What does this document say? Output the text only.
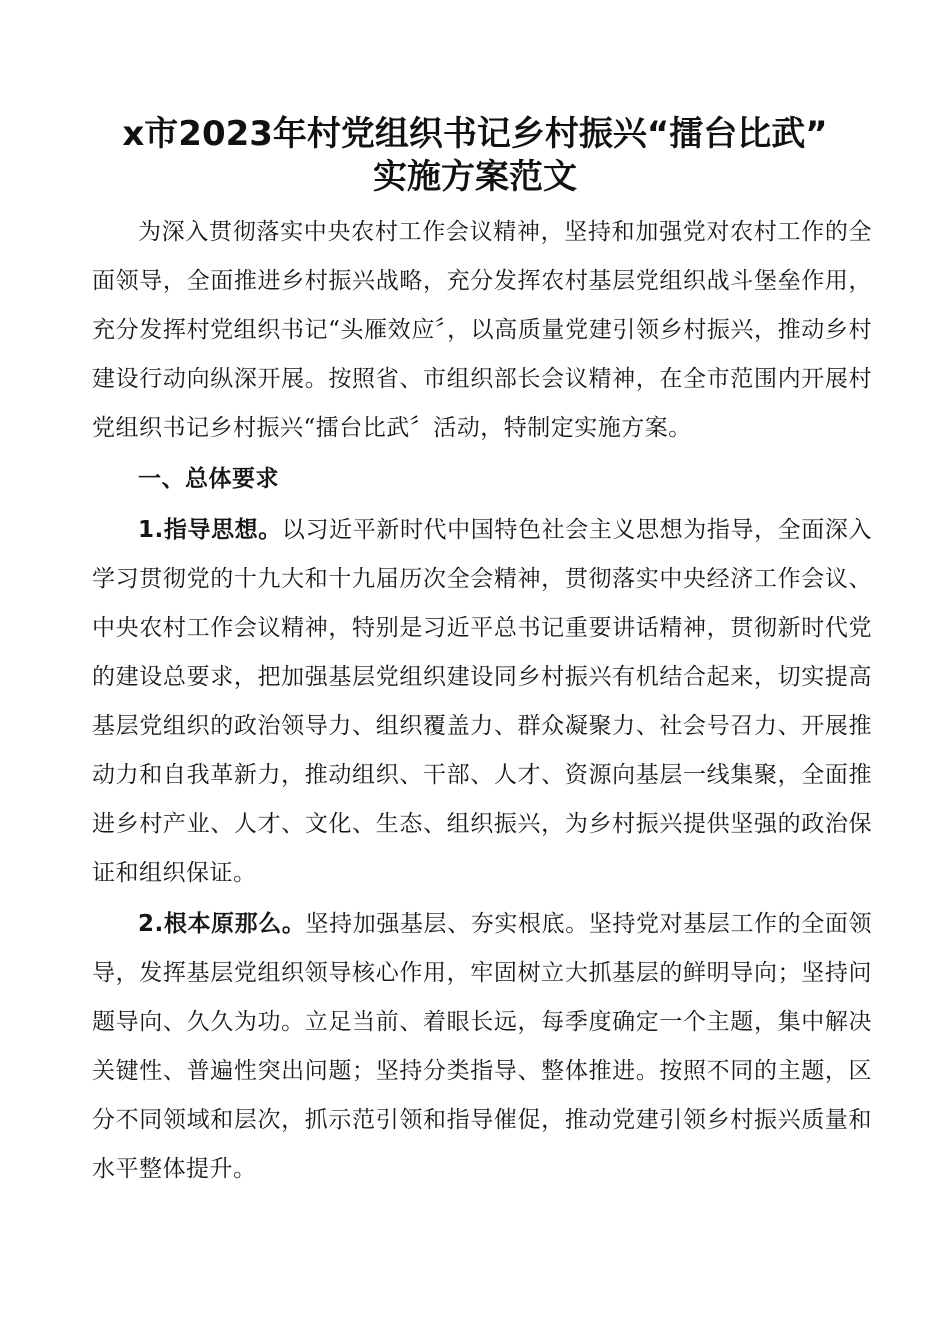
x市2023年村党组织书记乡村振兴“擂台比武”
实施方案范文

为深入贯彻落实中央农村工作会议精神，坚持和加强党对农村工作的全面领导，全面推进乡村振兴战略，充分发挥农村基层党组织战斗堡垒作用，充分发挥村党组织书记“头雁效应〞，以高质量党建引领乡村振兴，推动乡村建设行动向纵深开展。按照省、市组织部长会议精神，在全市范围内开展村党组织书记乡村振兴“擂台比武〞活动，特制定实施方案。

一、总体要求

1.指导思想。以习近平新时代中国特色社会主义思想为指导，全面深入学习贯彻党的十九大和十九届历次全会精神，贯彻落实中央经济工作会议、中央农村工作会议精神，特别是习近平总书记重要讲话精神，贯彻新时代党的建设总要求，把加强基层党组织建设同乡村振兴有机结合起来，切实提高基层党组织的政治领导力、组织覆盖力、群众凝聚力、社会号召力、开展推动力和自我革新力，推动组织、干部、人才、资源向基层一线集聚，全面推进乡村产业、人才、文化、生态、组织振兴，为乡村振兴提供坚强的政治保证和组织保证。

2.根本原那么。坚持加强基层、夯实根底。坚持党对基层工作的全面领导，发挥基层党组织领导核心作用，牢固树立大抓基层的鲜明导向；坚持问题导向、久久为功。立足当前、着眼长远，每季度确定一个主题，集中解决关键性、普遍性突出问题；坚持分类指导、整体推进。按照不同的主题，区分不同领域和层次，抓示范引领和指导催促，推动党建引领乡村振兴质量和水平整体提升。
